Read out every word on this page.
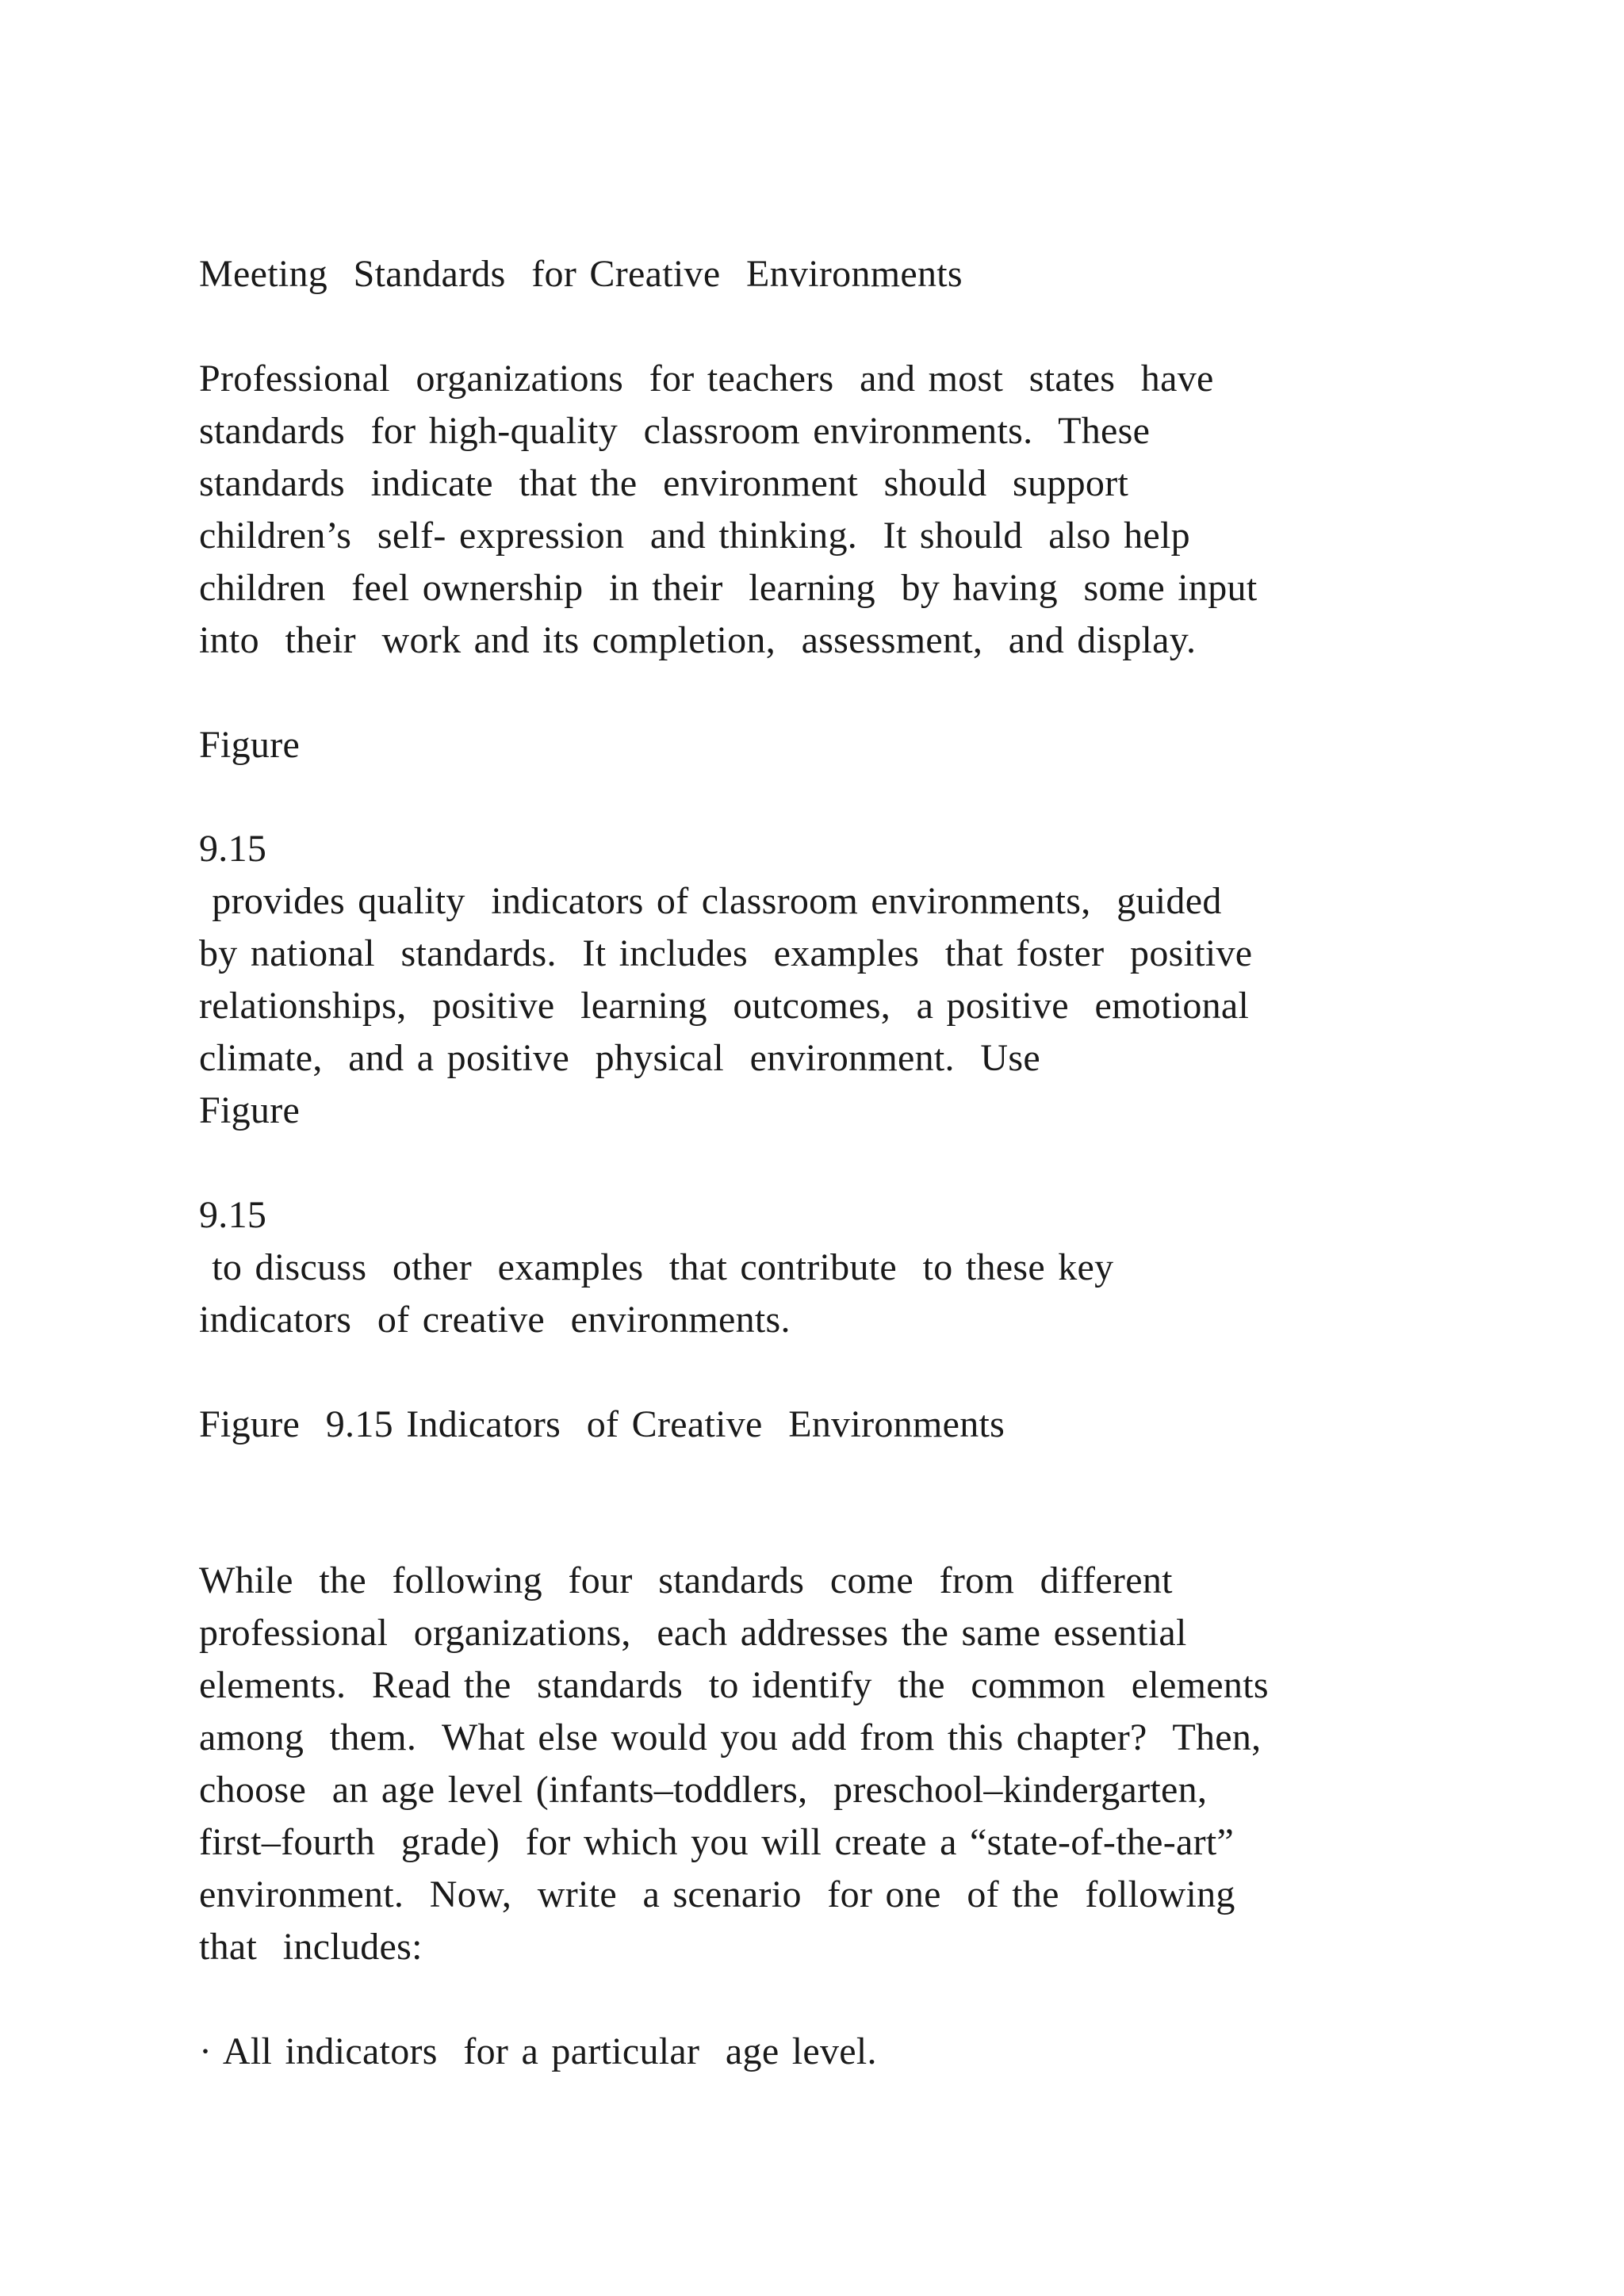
Meeting  Standards  for Creative  Environments
Professional  organizations  for teachers  and most  states  have
standards  for high-quality  classroom environments.  These
standards  indicate  that the  environment  should  support
children’s  self- expression  and thinking.  It should  also help
children  feel ownership  in their  learning  by having  some input
into  their  work and its completion,  assessment,  and display.
Figure
9.15
provides quality  indicators of classroom environments,  guided
by national  standards.  It includes  examples  that foster  positive
relationships,  positive  learning  outcomes,  a positive  emotional
climate,  and a positive  physical  environment.  Use
Figure
9.15
to discuss  other  examples  that contribute  to these key
indicators  of creative  environments.
Figure  9.15 Indicators  of Creative  Environments
While  the  following  four  standards  come  from  different
professional  organizations,  each addresses the same essential
elements.  Read the  standards  to identify  the  common  elements
among  them.  What else would you add from this chapter?  Then,
choose  an age level (infants–toddlers,  preschool–kindergarten,
first–fourth  grade)  for which you will create a “state-of-the-art”
environment.  Now,  write  a scenario  for one  of the  following
that  includes:
· All indicators  for a particular  age level.
